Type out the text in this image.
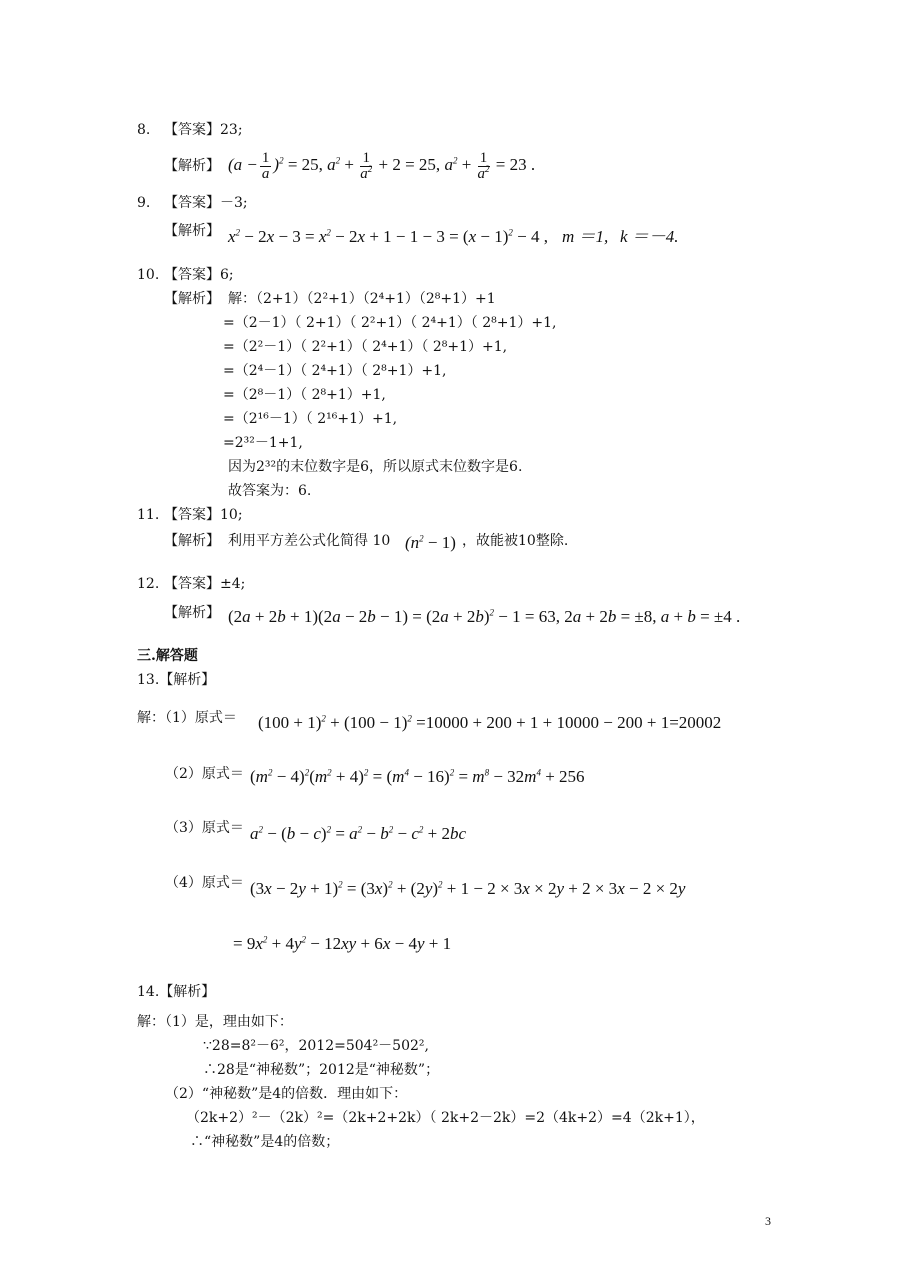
8. 【答案】23;
【解析】 $(a - \frac{1}{a} )^2 = 25$, $a^2 + \frac{1}{a^2} + 2 = 25$, $a^2 + \frac{1}{a^2} = 23$ .
9. 【答案】－3;
【解析】 $x^2 - 2x - 3 = x^2 - 2x + 1 - 1 - 3 = (x - 1)^2 - 4$ , m ＝1, k ＝－4.
10. 【答案】6;
【解析】 解：（2+1）（2²+1）（2⁴+1）（2⁸+1）+1
=（2－1）（ 2+1）（ 2²+1）（ 2⁴+1）（ 2⁸+1）+1,
=（2²－1）（ 2²+1）（ 2⁴+1）（ 2⁸+1）+1,
=（2⁴－1）（ 2⁴+1）（ 2⁸+1）+1,
=（2⁸－1）（ 2⁸+1）+1,
=（2¹⁶－1）（ 2¹⁶+1）+1,
=2³²－1+1,
因为2³²的末位数字是6，所以原式末位数字是6.
故答案为：6.
11. 【答案】10;
【解析】 利用平方差公式化简得 10 $(n^2 - 1)$ ，故能被10整除.
12. 【答案】±4;
【解析】 $(2a + 2b + 1)(2a - 2b - 1) = (2a + 2b)^2 - 1 = 63$, 2a + 2b = ±8, a + b = ±4 .
三.解答题
13.【解析】
解：（1）原式＝ $(100 + 1)^2 + (100 - 1)^2 =10000 + 200 + 1 + 10000 - 200 + 1=20002$
（2）原式＝ $(m^2 - 4)^2(m^2 + 4)^2 = (m^4 - 16)^2 = m^8 - 32m^4 + 256$
（3）原式＝ $a^2 - (b - c)^2 = a^2 - b^2 - c^2 + 2bc$
（4）原式＝ $(3x - 2y + 1)^2 = (3x)^2 + (2y)^2 + 1 - 2 \times 3x \times 2y + 2 \times 3x - 2 \times 2y$
= $9x^2 + 4y^2 - 12xy + 6x - 4y + 1$
14.【解析】
解：（1）是，理由如下：
∵28=8²－6²，2012=504²－502²,
∴28是“神秘数”；2012是“神秘数”；
（2）“神秘数”是4的倍数．理由如下：
（2k+2）²－（2k）²=（2k+2+2k）（ 2k+2－2k）=2（4k+2）=4（2k+1），
∴“神秘数”是4的倍数；
3
